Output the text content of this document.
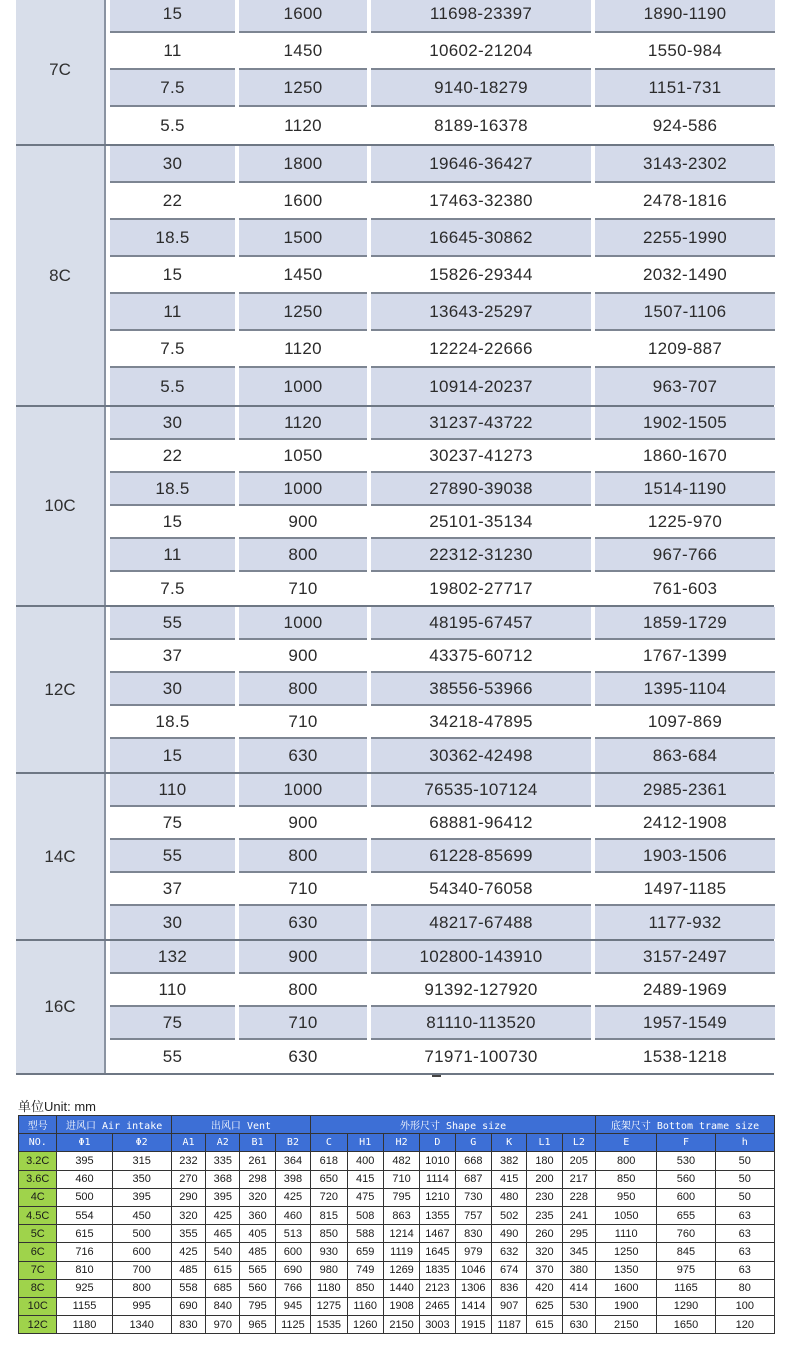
7C
15	1600	11698-23397	1890-1190
11	1450	10602-21204	1550-984
7.5	1250	9140-18279	1151-731
5.5	1120	8189-16378	924-586
8C
30	1800	19646-36427	3143-2302
22	1600	17463-32380	2478-1816
18.5	1500	16645-30862	2255-1990
15	1450	15826-29344	2032-1490
11	1250	13643-25297	1507-1106
7.5	1120	12224-22666	1209-887
5.5	1000	10914-20237	963-707
10C
30	1120	31237-43722	1902-1505
22	1050	30237-41273	1860-1670
18.5	1000	27890-39038	1514-1190
15	900	25101-35134	1225-970
11	800	22312-31230	967-766
7.5	710	19802-27717	761-603
12C
55	1000	48195-67457	1859-1729
37	900	43375-60712	1767-1399
30	800	38556-53966	1395-1104
18.5	710	34218-47895	1097-869
15	630	30362-42498	863-684
14C
110	1000	76535-107124	2985-2361
75	900	68881-96412	2412-1908
55	800	61228-85699	1903-1506
37	710	54340-76058	1497-1185
30	630	48217-67488	1177-932
16C
132	900	102800-143910	3157-2497
110	800	91392-127920	2489-1969
75	710	81110-113520	1957-1549
55	630	71971-100730	1538-1218
单位Unit: mm
型号	进风口 Air intake		出风口 Vent				外形尺寸 Shape size								底架尺寸 Bottom trame size		
NO.	Φ1	Φ2	A1	A2	B1	B2	C	H1	H2	D	G	K	L1	L2	E	F	h
3.2C	395	315	232	335	261	364	618	400	482	1010	668	382	180	205	800	530	50
3.6C	460	350	270	368	298	398	650	415	710	1114	687	415	200	217	850	560	50
4C	500	395	290	395	320	425	720	475	795	1210	730	480	230	228	950	600	50
4.5C	554	450	320	425	360	460	815	508	863	1355	757	502	235	241	1050	655	63
5C	615	500	355	465	405	513	850	588	1214	1467	830	490	260	295	1110	760	63
6C	716	600	425	540	485	600	930	659	1119	1645	979	632	320	345	1250	845	63
7C	810	700	485	615	565	690	980	749	1269	1835	1046	674	370	380	1350	975	63
8C	925	800	558	685	560	766	1180	850	1440	2123	1306	836	420	414	1600	1165	80
10C	1155	995	690	840	795	945	1275	1160	1908	2465	1414	907	625	530	1900	1290	100
12C	1180	1340	830	970	965	1125	1535	1260	2150	3003	1915	1187	615	630	2150	1650	120
